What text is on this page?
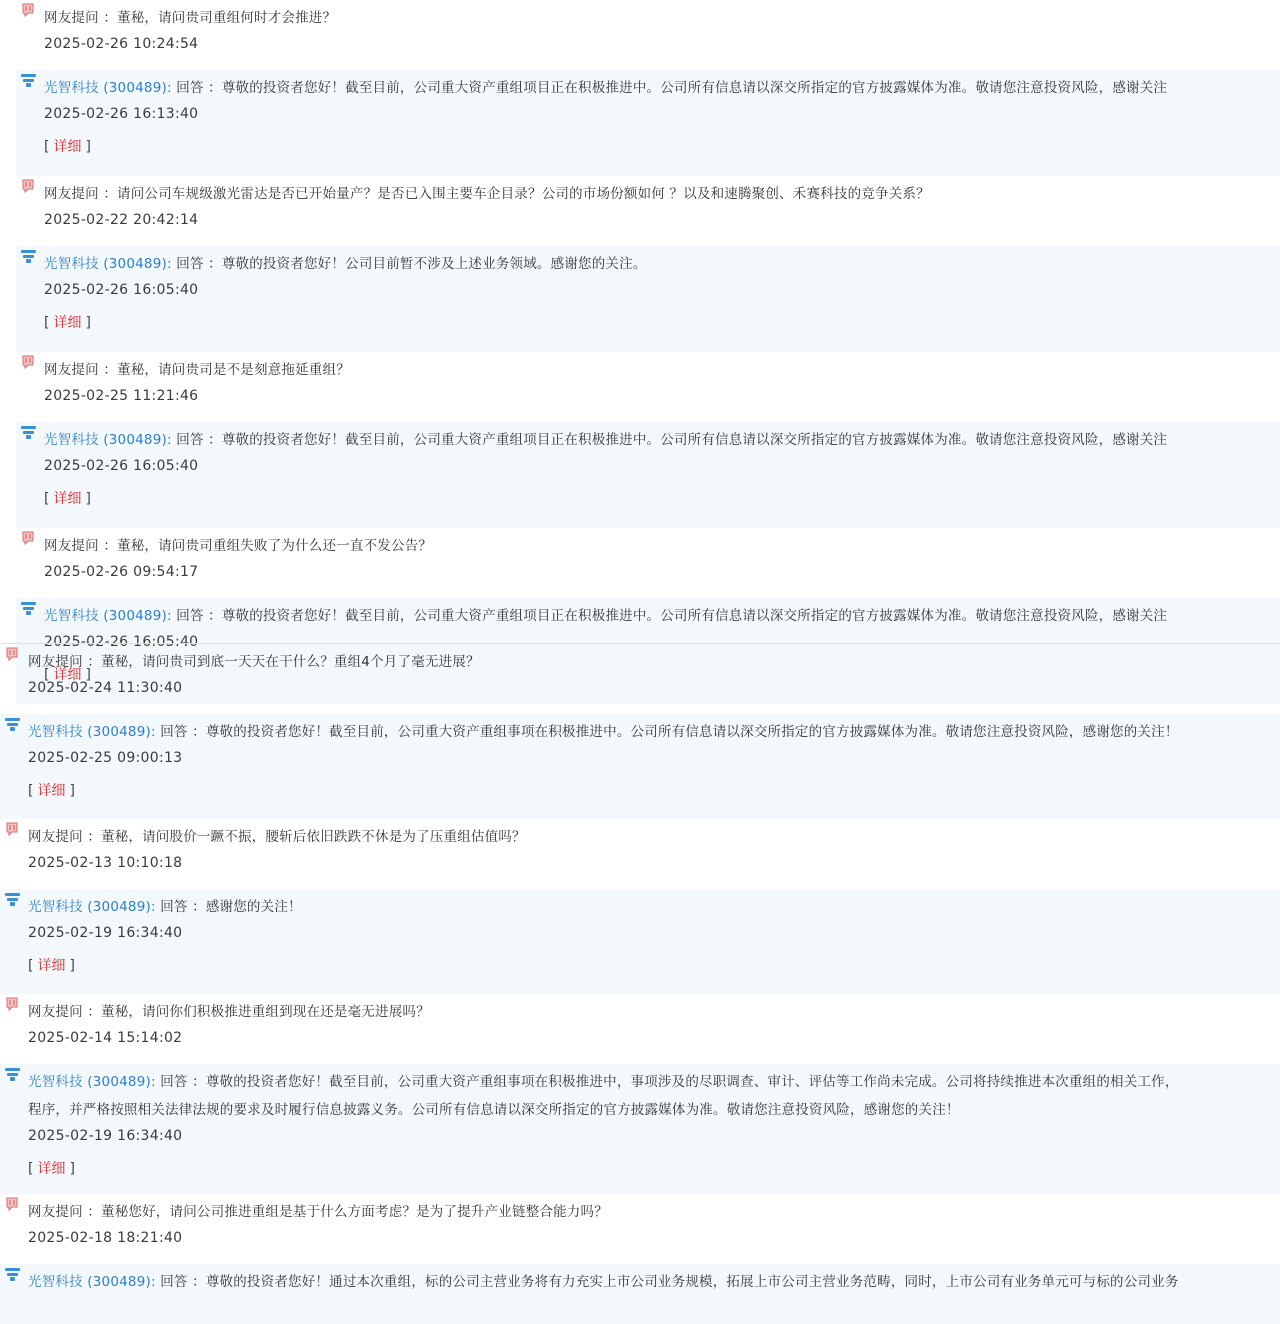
网友提问 ：董秘，请问贵司重组何时才会推进？
2025-02-26 10:24:54
光智科技 (300489): 回答 ：尊敬的投资者您好！截至目前，公司重大资产重组项目正在积极推进中。公司所有信息请以深交所指定的官方披露媒体为准。敬请您注意投资风险，感谢关注
2025-02-26 16:13:40
[ 详细 ]
网友提问 ：请问公司车规级激光雷达是否已开始量产？是否已入围主要车企目录？公司的市场份额如何 ？以及和速腾聚创、禾赛科技的竞争关系？
2025-02-22 20:42:14
光智科技 (300489): 回答 ：尊敬的投资者您好！公司目前暂不涉及上述业务领域。感谢您的关注。
2025-02-26 16:05:40
[ 详细 ]
网友提问 ：董秘，请问贵司是不是刻意拖延重组？
2025-02-25 11:21:46
光智科技 (300489): 回答 ：尊敬的投资者您好！截至目前，公司重大资产重组项目正在积极推进中。公司所有信息请以深交所指定的官方披露媒体为准。敬请您注意投资风险，感谢关注
2025-02-26 16:05:40
[ 详细 ]
网友提问 ：董秘，请问贵司重组失败了为什么还一直不发公告？
2025-02-26 09:54:17
光智科技 (300489): 回答 ：尊敬的投资者您好！截至目前，公司重大资产重组项目正在积极推进中。公司所有信息请以深交所指定的官方披露媒体为准。敬请您注意投资风险，感谢关注
2025-02-26 16:05:40
[ 详细 ]
网友提问 ：董秘，请问贵司到底一天天在干什么？重组4个月了毫无进展？
2025-02-24 11:30:40
光智科技 (300489): 回答 ：尊敬的投资者您好！截至目前，公司重大资产重组事项在积极推进中。公司所有信息请以深交所指定的官方披露媒体为准。敬请您注意投资风险，感谢您的关注！
2025-02-25 09:00:13
[ 详细 ]
网友提问 ：董秘，请问股价一蹶不振，腰斩后依旧跌跌不休是为了压重组估值吗？
2025-02-13 10:10:18
光智科技 (300489): 回答 ：感谢您的关注！
2025-02-19 16:34:40
[ 详细 ]
网友提问 ：董秘，请问你们积极推进重组到现在还是毫无进展吗？
2025-02-14 15:14:02
光智科技 (300489): 回答 ：尊敬的投资者您好！截至目前，公司重大资产重组事项在积极推进中，事项涉及的尽职调查、审计、评估等工作尚未完成。公司将持续推进本次重组的相关工作，
程序，并严格按照相关法律法规的要求及时履行信息披露义务。公司所有信息请以深交所指定的官方披露媒体为准。敬请您注意投资风险，感谢您的关注！
2025-02-19 16:34:40
[ 详细 ]
网友提问 ：董秘您好，请问公司推进重组是基于什么方面考虑？是为了提升产业链整合能力吗？
2025-02-18 18:21:40
光智科技 (300489): 回答 ：尊敬的投资者您好！通过本次重组，标的公司主营业务将有力充实上市公司业务规模，拓展上市公司主营业务范畴，同时，上市公司有业务单元可与标的公司业务
